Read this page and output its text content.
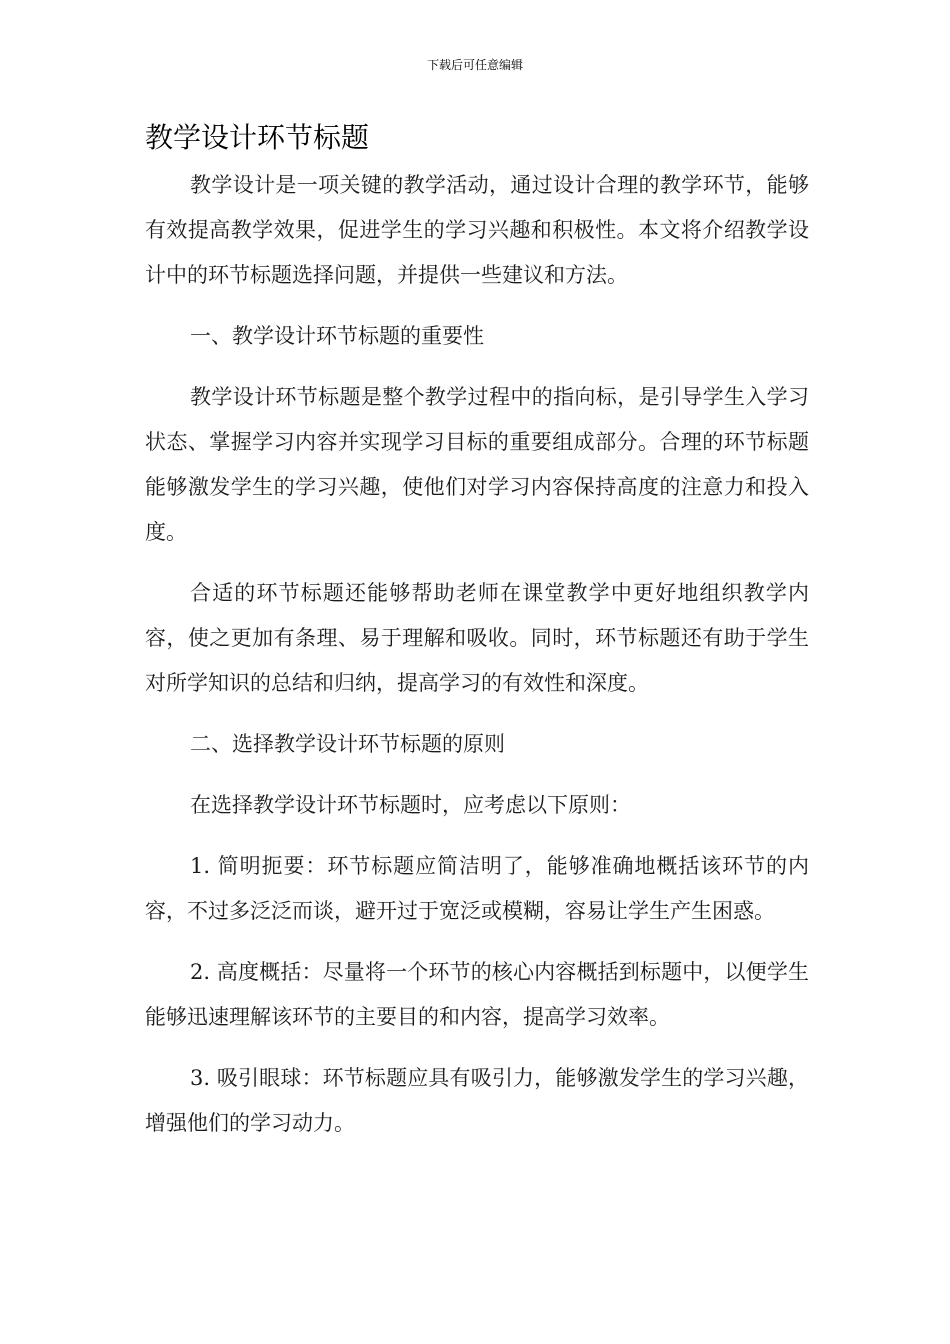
下载后可任意编辑
教学设计环节标题

教学设计是一项关键的教学活动，通过设计合理的教学环节，能够有效提高教学效果，促进学生的学习兴趣和积极性。本文将介绍教学设计中的环节标题选择问题，并提供一些建议和方法。

一、教学设计环节标题的重要性

教学设计环节标题是整个教学过程中的指向标，是引导学生入学习状态、掌握学习内容并实现学习目标的重要组成部分。合理的环节标题能够激发学生的学习兴趣，使他们对学习内容保持高度的注意力和投入度。

合适的环节标题还能够帮助老师在课堂教学中更好地组织教学内容，使之更加有条理、易于理解和吸收。同时，环节标题还有助于学生对所学知识的总结和归纳，提高学习的有效性和深度。

二、选择教学设计环节标题的原则

在选择教学设计环节标题时，应考虑以下原则：

1. 简明扼要：环节标题应简洁明了，能够准确地概括该环节的内容，不过多泛泛而谈，避开过于宽泛或模糊，容易让学生产生困惑。

2. 高度概括：尽量将一个环节的核心内容概括到标题中，以便学生能够迅速理解该环节的主要目的和内容，提高学习效率。

3. 吸引眼球：环节标题应具有吸引力，能够激发学生的学习兴趣，增强他们的学习动力。
